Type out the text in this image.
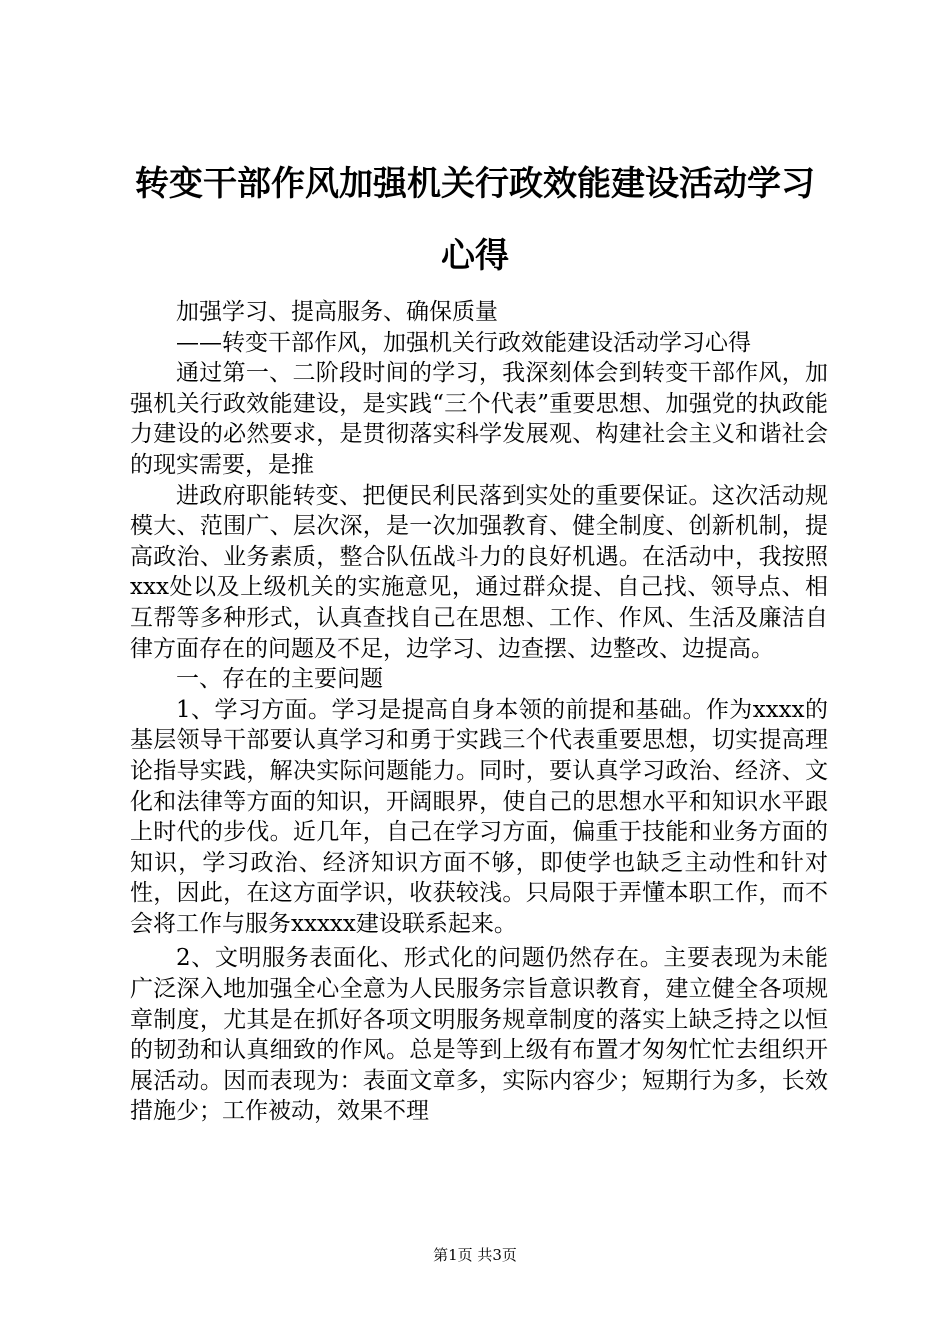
转变干部作风加强机关行政效能建设活动学习
心得

加强学习、提高服务、确保质量

——转变干部作风，加强机关行政效能建设活动学习心得

通过第一、二阶段时间的学习，我深刻体会到转变干部作风，加强机关行政效能建设，是实践“三个代表”重要思想、加强党的执政能力建设的必然要求，是贯彻落实科学发展观、构建社会主义和谐社会的现实需要，是推

进政府职能转变、把便民利民落到实处的重要保证。这次活动规模大、范围广、层次深，是一次加强教育、健全制度、创新机制，提高政治、业务素质，整合队伍战斗力的良好机遇。在活动中，我按照xxx处以及上级机关的实施意见，通过群众提、自己找、领导点、相互帮等多种形式，认真查找自己在思想、工作、作风、生活及廉洁自律方面存在的问题及不足，边学习、边查摆、边整改、边提高。

一、存在的主要问题

1、学习方面。学习是提高自身本领的前提和基础。作为xxxx的基层领导干部要认真学习和勇于实践三个代表重要思想，切实提高理论指导实践，解决实际问题能力。同时，要认真学习政治、经济、文化和法律等方面的知识，开阔眼界，使自己的思想水平和知识水平跟上时代的步伐。近几年，自己在学习方面，偏重于技能和业务方面的知识，学习政治、经济知识方面不够，即使学也缺乏主动性和针对性，因此，在这方面学识，收获较浅。只局限于弄懂本职工作，而不会将工作与服务xxxxx建设联系起来。

2、文明服务表面化、形式化的问题仍然存在。主要表现为未能广泛深入地加强全心全意为人民服务宗旨意识教育，建立健全各项规章制度，尤其是在抓好各项文明服务规章制度的落实上缺乏持之以恒的韧劲和认真细致的作风。总是等到上级有布置才匆匆忙忙去组织开展活动。因而表现为：表面文章多，实际内容少；短期行为多，长效措施少；工作被动，效果不理

第1页 共3页
